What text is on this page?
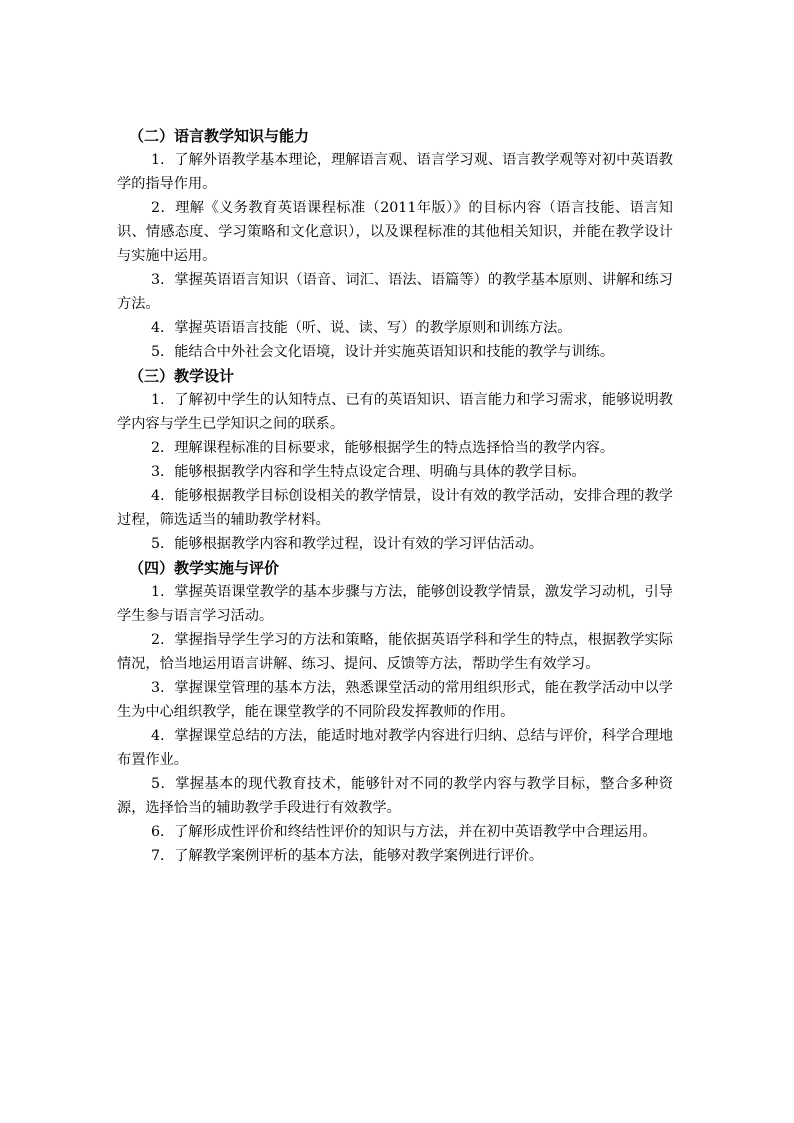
（二）语言教学知识与能力

1．了解外语教学基本理论，理解语言观、语言学习观、语言教学观等对初中英语教学的指导作用。

2．理解《义务教育英语课程标准（2011年版）》的目标内容（语言技能、语言知识、情感态度、学习策略和文化意识），以及课程标准的其他相关知识，并能在教学设计与实施中运用。

3．掌握英语语言知识（语音、词汇、语法、语篇等）的教学基本原则、讲解和练习方法。

4．掌握英语语言技能（听、说、读、写）的教学原则和训练方法。

5．能结合中外社会文化语境，设计并实施英语知识和技能的教学与训练。

（三）教学设计

1．了解初中学生的认知特点、已有的英语知识、语言能力和学习需求，能够说明教学内容与学生已学知识之间的联系。

2．理解课程标准的目标要求，能够根据学生的特点选择恰当的教学内容。

3．能够根据教学内容和学生特点设定合理、明确与具体的教学目标。

4．能够根据教学目标创设相关的教学情景，设计有效的教学活动，安排合理的教学过程，筛选适当的辅助教学材料。

5．能够根据教学内容和教学过程，设计有效的学习评估活动。

（四）教学实施与评价

1．掌握英语课堂教学的基本步骤与方法，能够创设教学情景，激发学习动机，引导学生参与语言学习活动。

2．掌握指导学生学习的方法和策略，能依据英语学科和学生的特点，根据教学实际情况，恰当地运用语言讲解、练习、提问、反馈等方法，帮助学生有效学习。

3．掌握课堂管理的基本方法，熟悉课堂活动的常用组织形式，能在教学活动中以学生为中心组织教学，能在课堂教学的不同阶段发挥教师的作用。

4．掌握课堂总结的方法，能适时地对教学内容进行归纳、总结与评价，科学合理地布置作业。

5．掌握基本的现代教育技术，能够针对不同的教学内容与教学目标，整合多种资源，选择恰当的辅助教学手段进行有效教学。

6．了解形成性评价和终结性评价的知识与方法，并在初中英语教学中合理运用。

7．了解教学案例评析的基本方法，能够对教学案例进行评价。
